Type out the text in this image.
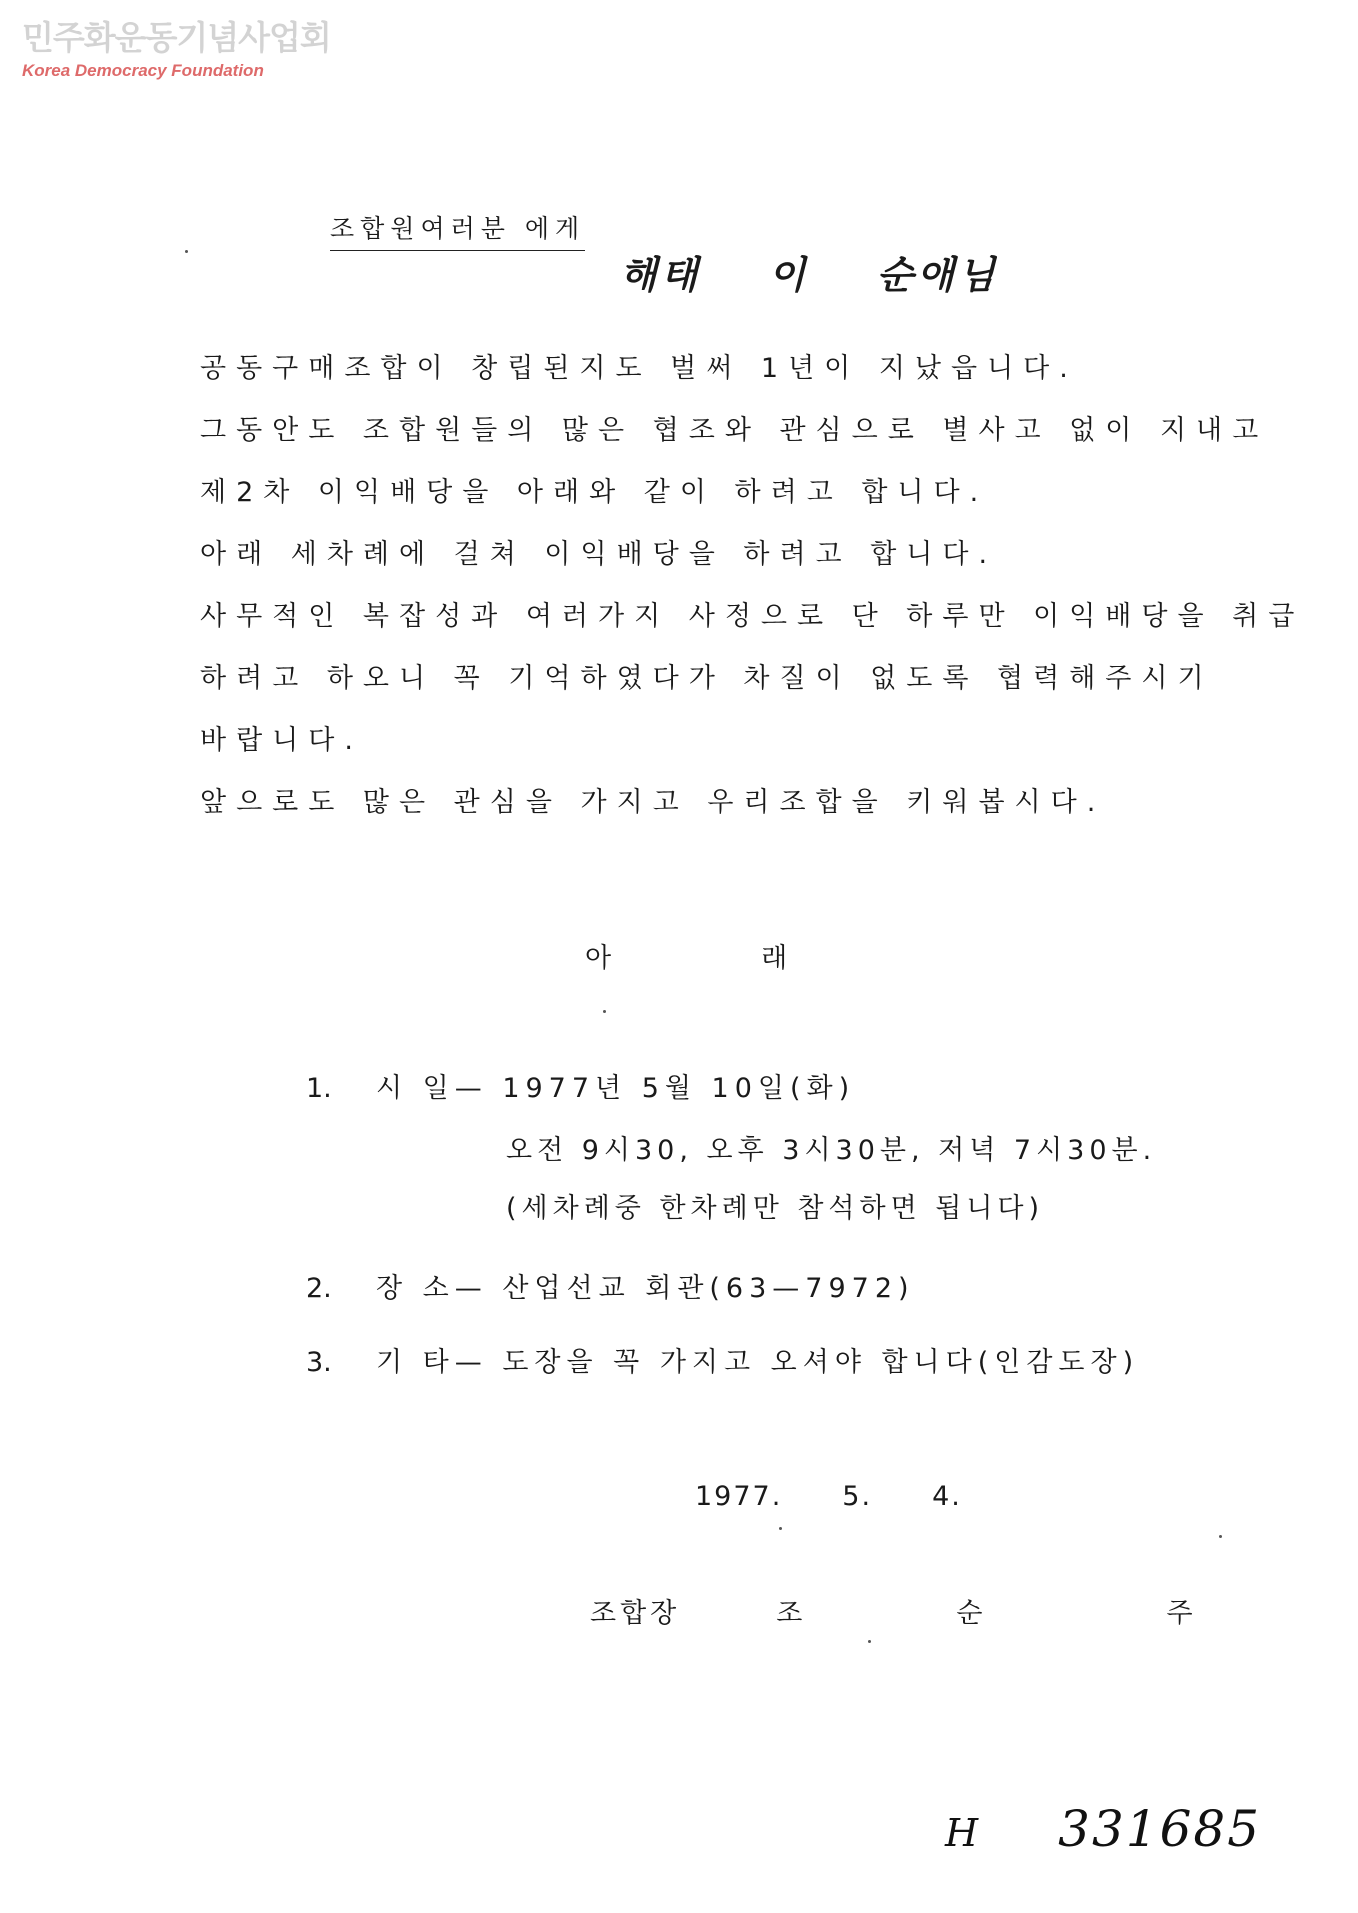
민주화운동기념사업회
Korea Democracy Foundation
조합원여러분 에게
해태 이 순애님
공동구매조합이 창립된지도 벌써 1년이 지났읍니다.
그동안도 조합원들의 많은 협조와 관심으로 별사고 없이 지내고
제2차 이익배당을 아래와 같이 하려고 합니다.
아래 세차례에 걸쳐 이익배당을 하려고 합니다.
사무적인 복잡성과 여러가지 사정으로 단 하루만 이익배당을 취급
하려고 하오니 꼭 기억하였다가 차질이 없도록 협력해주시기
바랍니다.
앞으로도 많은 관심을 가지고 우리조합을 키워봅시다.
아	래
1. 시 일— 1977년 5월 10일(화)
오전 9시30, 오후 3시30분, 저녁 7시30분.
(세차례중 한차례만 참석하면 됩니다)
2. 장 소— 산업선교 회관(63—7972)
3. 기 타— 도장을 꼭 가지고 오셔야 합니다(인감도장)
1977. 5. 4.
조합장	조	순	주
H 331685
